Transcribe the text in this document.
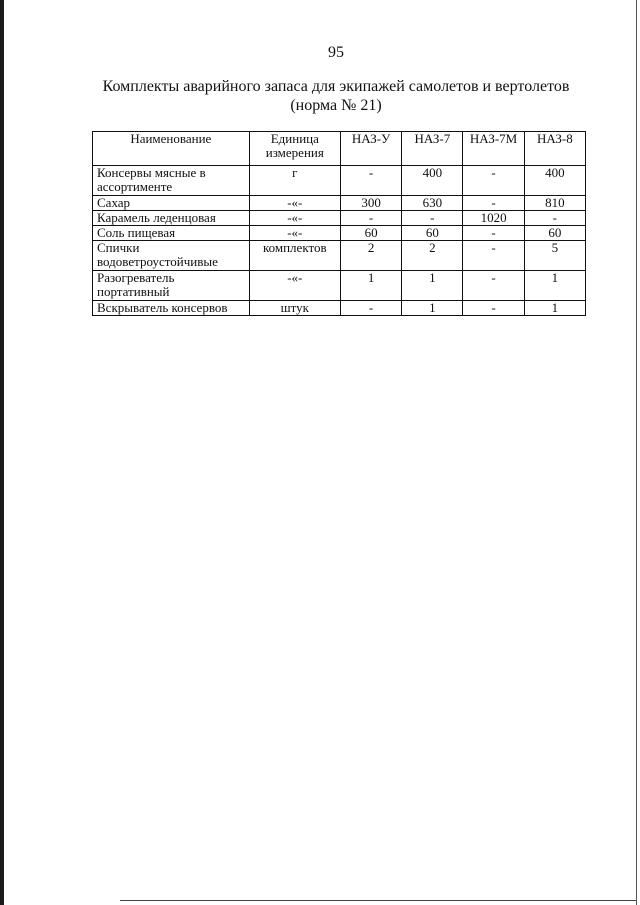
95
Комплекты аварийного запаса для экипажей самолетов и вертолетов
(норма № 21)
Наименование	Единица измерения	НАЗ-У	НАЗ-7	НАЗ-7М	НАЗ-8
Консервы мясные в ассортименте	г	-	400	-	400
Сахар	-«-	300	630	-	810
Карамель леденцовая	-«-	-	-	1020	-
Соль пищевая	-«-	60	60	-	60
Спички водоветроустойчивые	комплектов	2	2	-	5
Разогреватель портативный	-«-	1	1	-	1
Вскрыватель консервов	штук	-	1	-	1
